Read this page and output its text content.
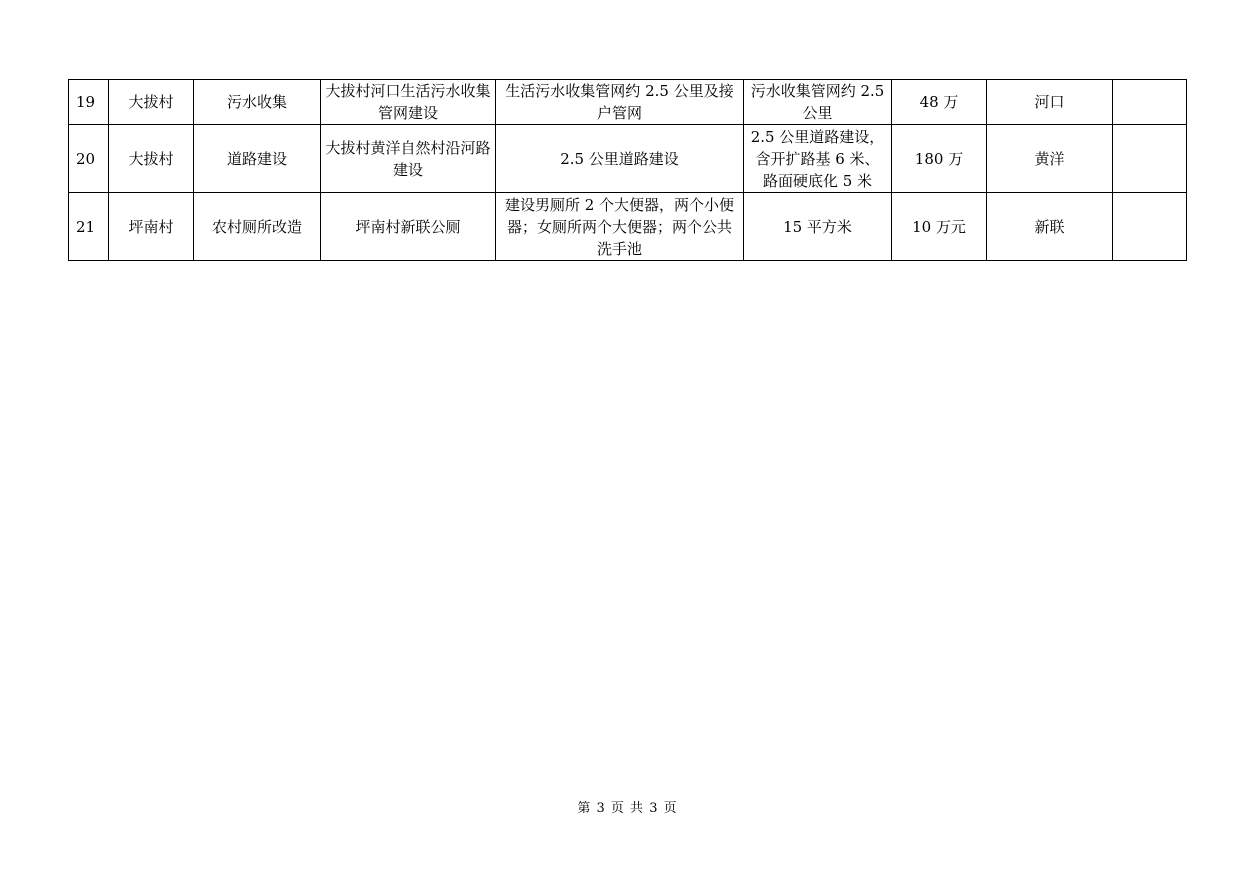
19	大拔村	污水收集	大拔村河口生活污水收集管网建设	生活污水收集管网约 2.5 公里及接户管网	污水收集管网约 2.5 公里	48 万	河口	
20	大拔村	道路建设	大拔村黄洋自然村沿河路建设	2.5 公里道路建设	2.5 公里道路建设，含开扩路基 6 米、路面硬底化 5 米	180 万	黄洋	
21	坪南村	农村厕所改造	坪南村新联公厕	建设男厕所 2 个大便器，两个小便器；女厕所两个大便器；两个公共洗手池	15 平方米	10 万元	新联	
第 3 页 共 3 页
